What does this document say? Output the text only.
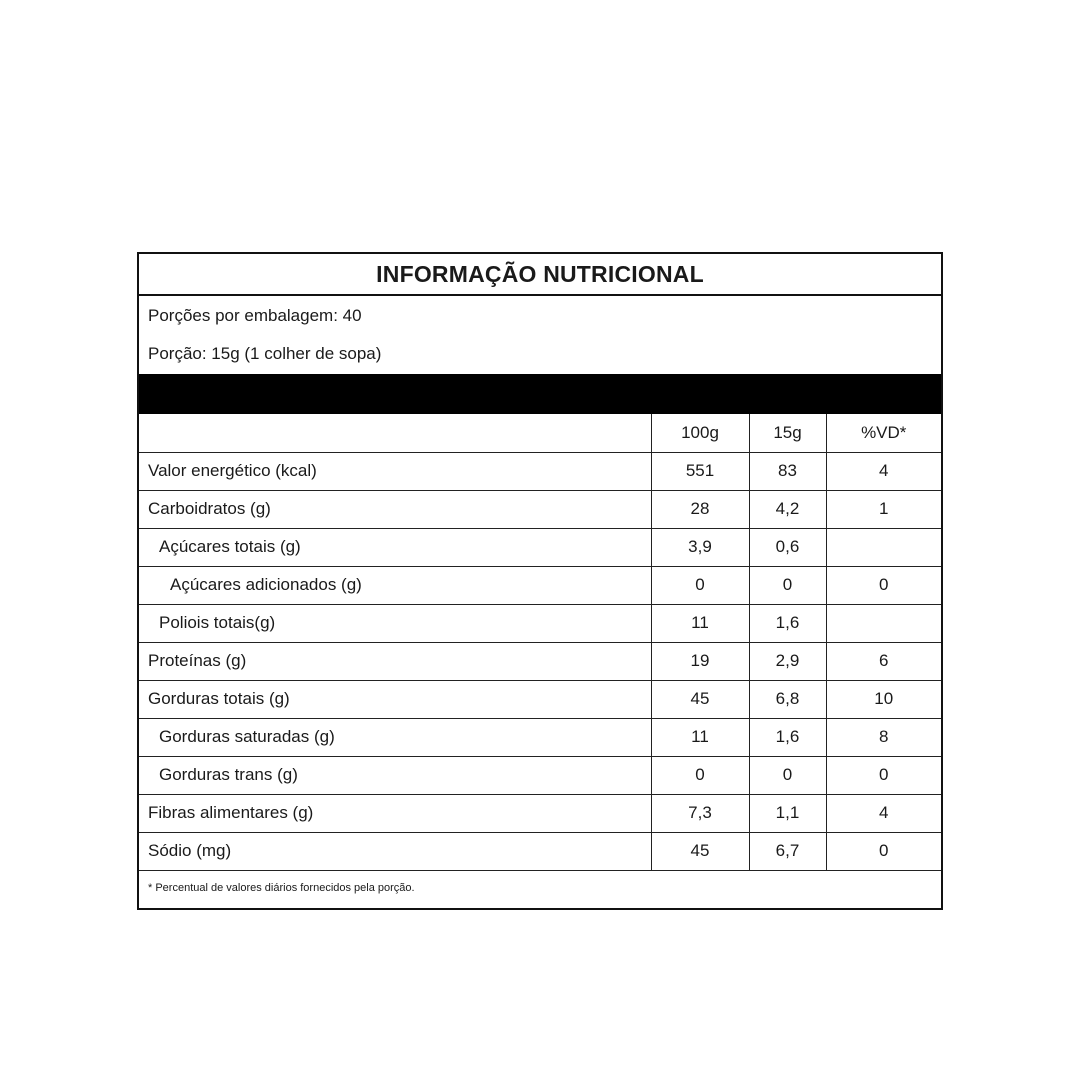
INFORMAÇÃO NUTRICIONAL
Porções por embalagem: 40
Porção: 15g (1 colher de sopa)
	100g	15g	%VD*
Valor energético (kcal)	551	83	4
Carboidratos (g)	28	4,2	1
Açúcares totais (g)	3,9	0,6	
Açúcares adicionados (g)	0	0	0
Poliois totais(g)	11	1,6	
Proteínas (g)	19	2,9	6
Gorduras totais (g)	45	6,8	10
Gorduras saturadas (g)	11	1,6	8
Gorduras trans (g)	0	0	0
Fibras alimentares (g)	7,3	1,1	4
Sódio (mg)	45	6,7	0

* Percentual de valores diários fornecidos pela porção.
